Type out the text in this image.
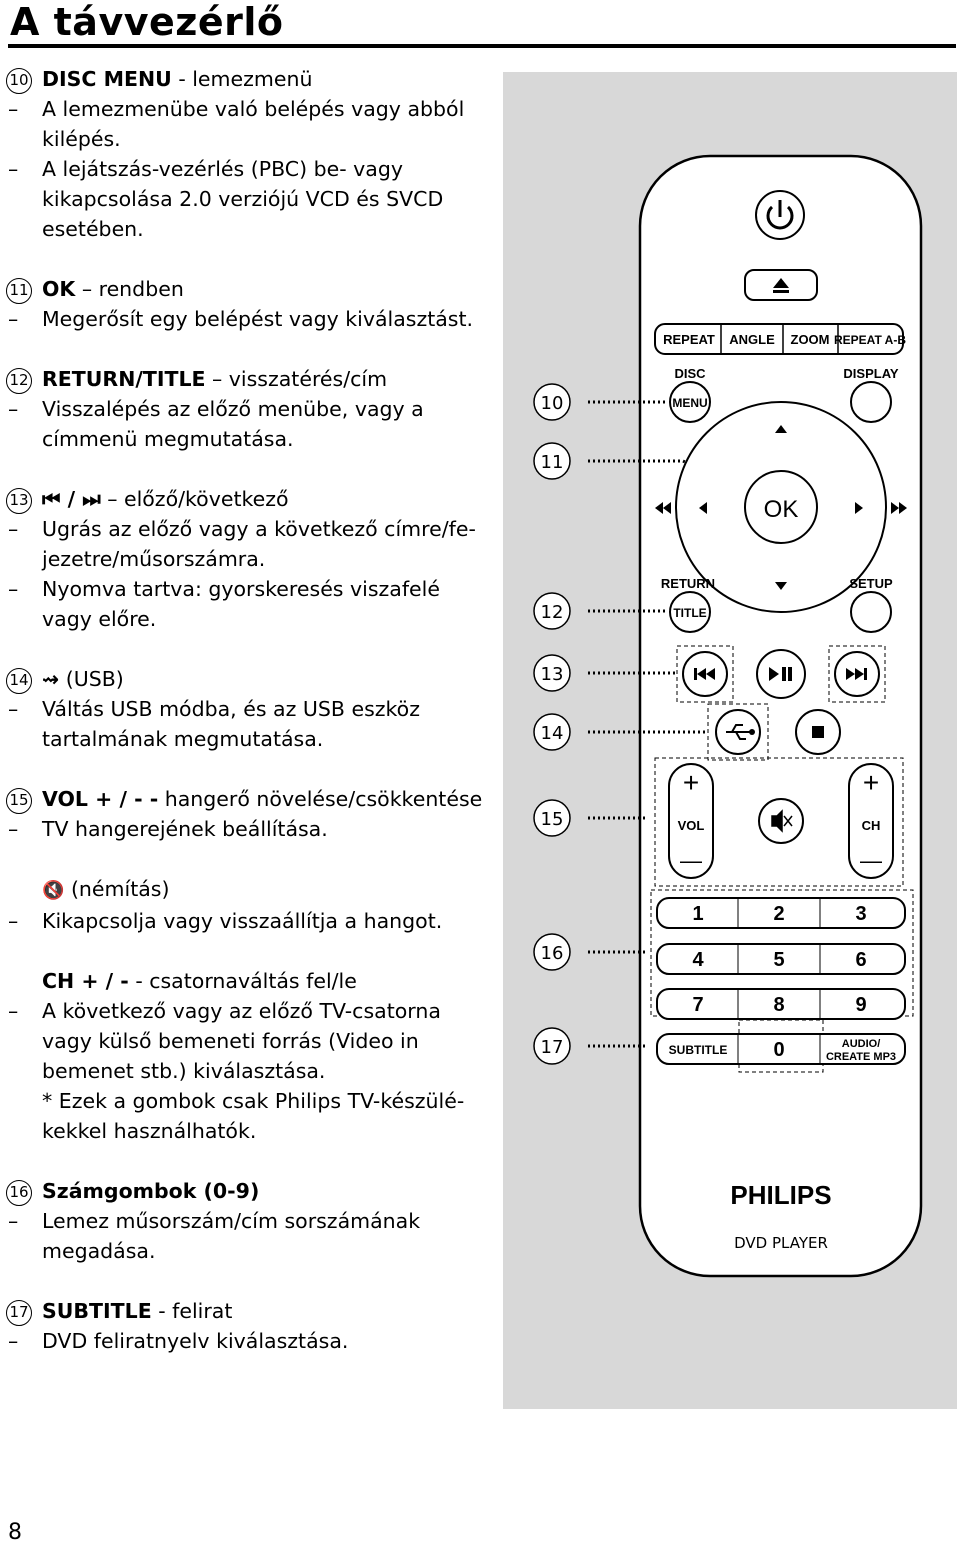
A távvezérlő
10 DISC MENU - lemezmenü
– A lemezmenübe való belépés vagy abból
kilépés.
– A lejátszás-vezérlés (PBC) be- vagy
kikapcsolása 2.0 verziójú VCD és SVCD
esetében.
11 OK – rendben
– Megerősít egy belépést vagy kiválasztást.
12 RETURN/TITLE – visszatérés/cím
– Visszalépés az előző menübe, vagy a
címmenü megmutatása.
13 ⏮ / ⏭ – előző/következő
– Ugrás az előző vagy a következő címre/fe-
jezetre/műsorszámra.
– Nyomva tartva: gyorskeresés viszafelé
vagy előre.
14 ⇝ (USB)
– Váltás USB módba, és az USB eszköz
tartalmának megmutatása.
15 VOL + / - - hangerő növelése/csökkentése
– TV hangerejének beállítása.
🔇 (némítás)
– Kikapcsolja vagy visszaállítja a hangot.
CH + / - - csatornaváltás fel/le
– A következő vagy az előző TV-csatorna
vagy külső bemeneti forrás (Video in
bemenet stb.) kiválasztása.
* Ezek a gombok csak Philips TV-készülé-
kekkel használhatók.
16 Számgombok (0-9)
– Lemez műsorszám/cím sorszámának
megadása.
17 SUBTITLE - felirat
– DVD feliratnyelv kiválasztása.
10
11
12
13
14
15
16
17
REPEAT ANGLE ZOOM REPEAT A-B
DISC
MENU
DISPLAY
OK
RETURN
TITLE
SETUP
+
VOL
—
+
CH
—
1	2	3
4	5	6
7	8	9
SUBTITLE 0	AUDIO/
CREATE MP3
PHILIPS
DVD PLAYER
8
